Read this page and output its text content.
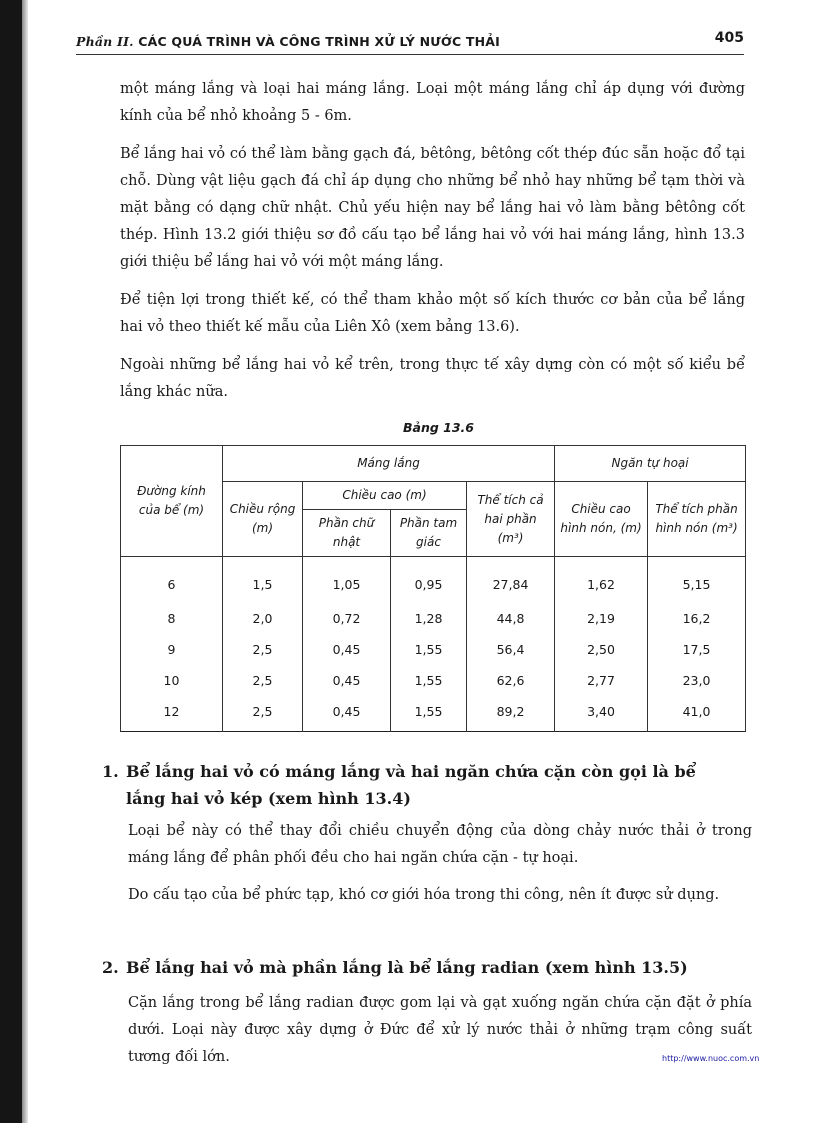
Phần II. CÁC QUÁ TRÌNH VÀ CÔNG TRÌNH XỬ LÝ NƯỚC THẢI	405

một máng lắng và loại hai máng lắng. Loại một máng lắng chỉ áp dụng với đường kính của bể nhỏ khoảng 5 - 6m.

Bể lắng hai vỏ có thể làm bằng gạch đá, bêtông, bêtông cốt thép đúc sẵn hoặc đổ tại chỗ. Dùng vật liệu gạch đá chỉ áp dụng cho những bể nhỏ hay những bể tạm thời và mặt bằng có dạng chữ nhật. Chủ yếu hiện nay bể lắng hai vỏ làm bằng bêtông cốt thép. Hình 13.2 giới thiệu sơ đồ cấu tạo bể lắng hai vỏ với hai máng lắng, hình 13.3 giới thiệu bể lắng hai vỏ với một máng lắng.

Để tiện lợi trong thiết kế, có thể tham khảo một số kích thước cơ bản của bể lắng hai vỏ theo thiết kế mẫu của Liên Xô (xem bảng 13.6).

Ngoài những bể lắng hai vỏ kể trên, trong thực tế xây dựng còn có một số kiểu bể lắng khác nữa.

Bảng 13.6
Đường kính của bể (m)	Máng lắng				Ngăn tự hoại	
	Chiều rộng (m)	Chiều cao (m)		Thể tích cả hai phần (m³)	Chiều cao hình nón, (m)	Thể tích phần hình nón (m³)
		Phần chữ nhật	Phần tam giác			
6	1,5	1,05	0,95	27,84	1,62	5,15
8	2,0	0,72	1,28	44,8	2,19	16,2
9	2,5	0,45	1,55	56,4	2,50	17,5
10	2,5	0,45	1,55	62,6	2,77	23,0
12	2,5	0,45	1,55	89,2	3,40	41,0
1. Bể lắng hai vỏ có máng lắng và hai ngăn chứa cặn còn gọi là bể
lắng hai vỏ kép (xem hình 13.4)

Loại bể này có thể thay đổi chiều chuyển động của dòng chảy nước thải ở trong máng lắng để phân phối đều cho hai ngăn chứa cặn - tự hoại.

Do cấu tạo của bể phức tạp, khó cơ giới hóa trong thi công, nên ít được sử dụng.

2. Bể lắng hai vỏ mà phần lắng là bể lắng radian (xem hình 13.5)

Cặn lắng trong bể lắng radian được gom lại và gạt xuống ngăn chứa cặn đặt ở phía dưới. Loại này được xây dựng ở Đức để xử lý nước thải ở những trạm công suất tương đối lớn.	http://www.nuoc.com.vn
